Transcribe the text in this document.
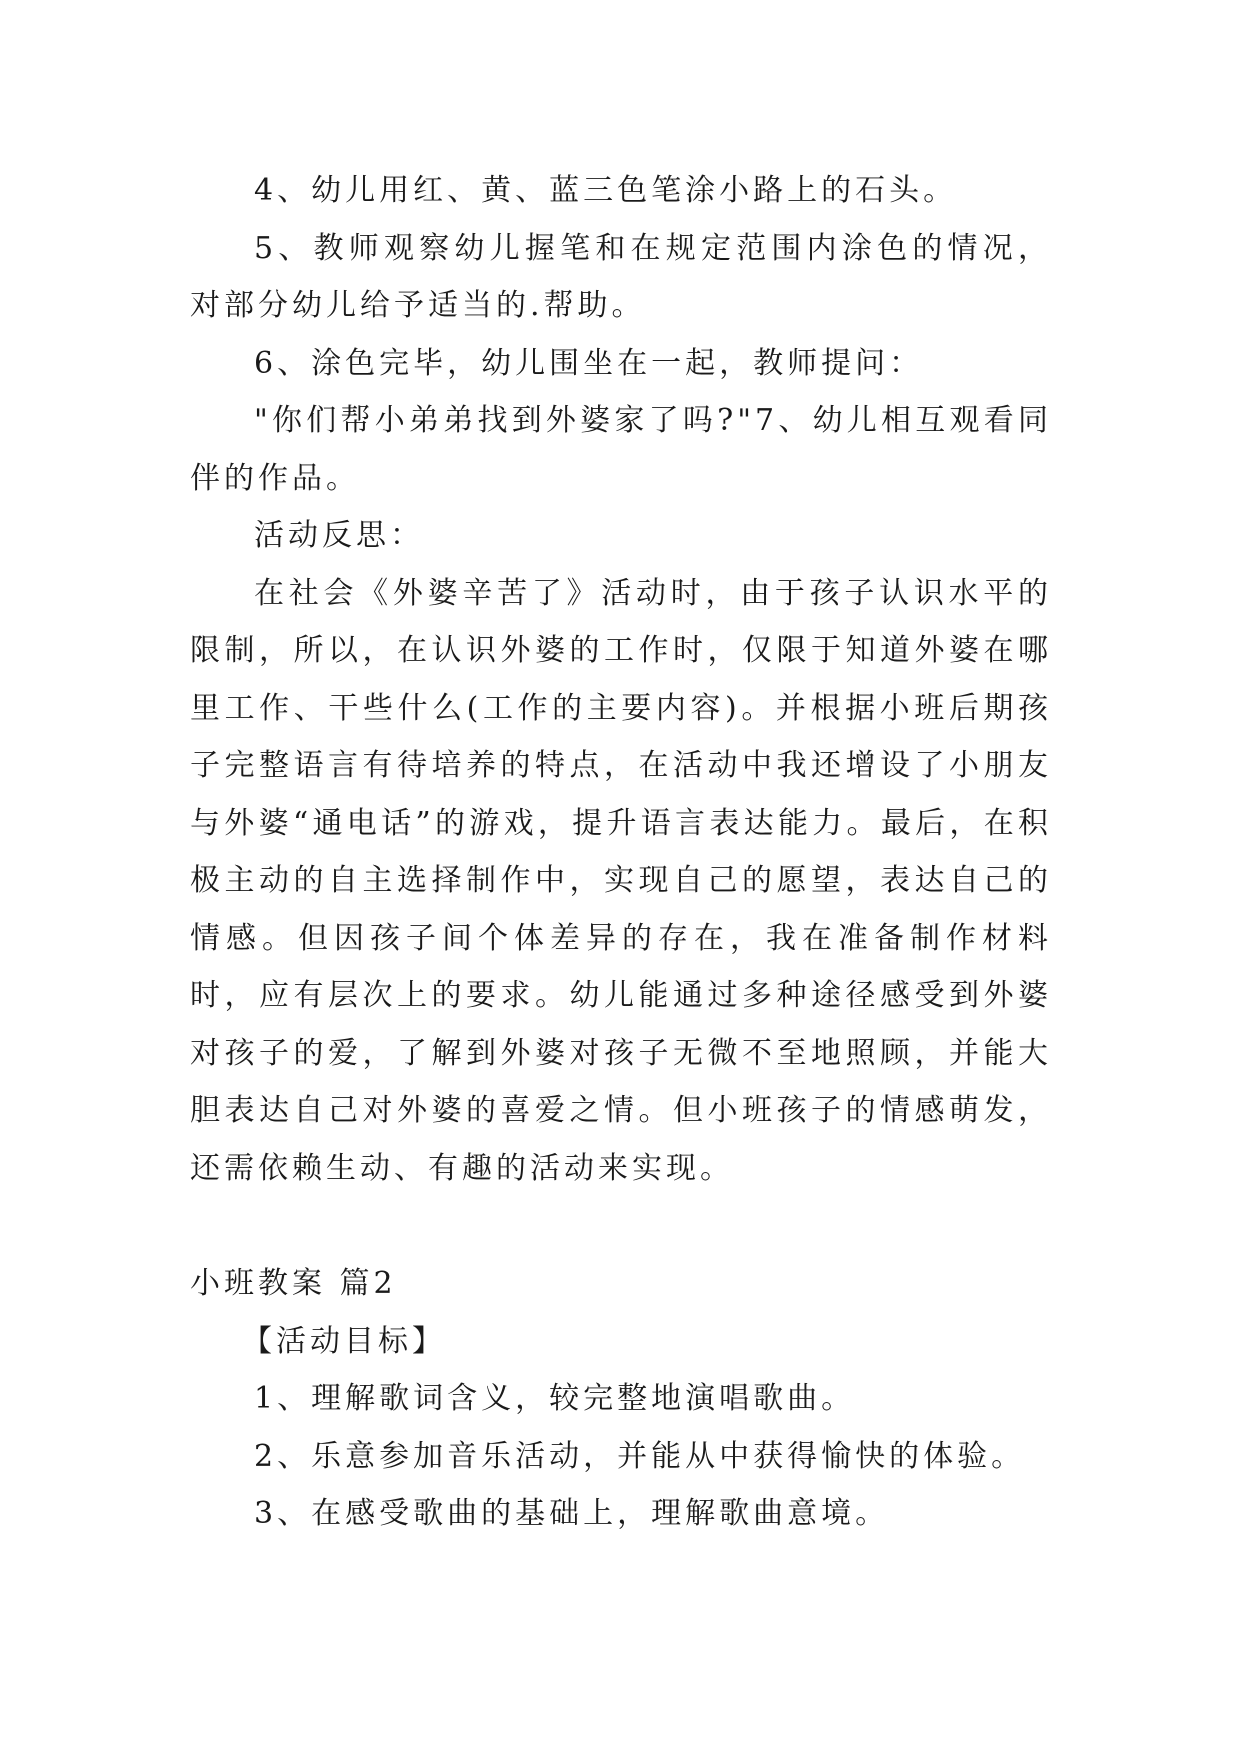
4、幼儿用红、黄、蓝三色笔涂小路上的石头。

5、教师观察幼儿握笔和在规定范围内涂色的情况，对部分幼儿给予适当的.帮助。

6、涂色完毕，幼儿围坐在一起，教师提问：

"你们帮小弟弟找到外婆家了吗?"7、幼儿相互观看同伴的作品。

活动反思：

在社会《外婆辛苦了》活动时，由于孩子认识水平的限制，所以，在认识外婆的工作时，仅限于知道外婆在哪里工作、干些什么(工作的主要内容)。并根据小班后期孩子完整语言有待培养的特点，在活动中我还增设了小朋友与外婆“通电话”的游戏，提升语言表达能力。最后，在积极主动的自主选择制作中，实现自己的愿望，表达自己的情感。但因孩子间个体差异的存在，我在准备制作材料时，应有层次上的要求。幼儿能通过多种途径感受到外婆对孩子的爱，了解到外婆对孩子无微不至地照顾，并能大胆表达自己对外婆的喜爱之情。但小班孩子的情感萌发，还需依赖生动、有趣的活动来实现。

小班教案 篇2

【活动目标】

1、理解歌词含义，较完整地演唱歌曲。

2、乐意参加音乐活动，并能从中获得愉快的体验。

3、在感受歌曲的基础上，理解歌曲意境。
